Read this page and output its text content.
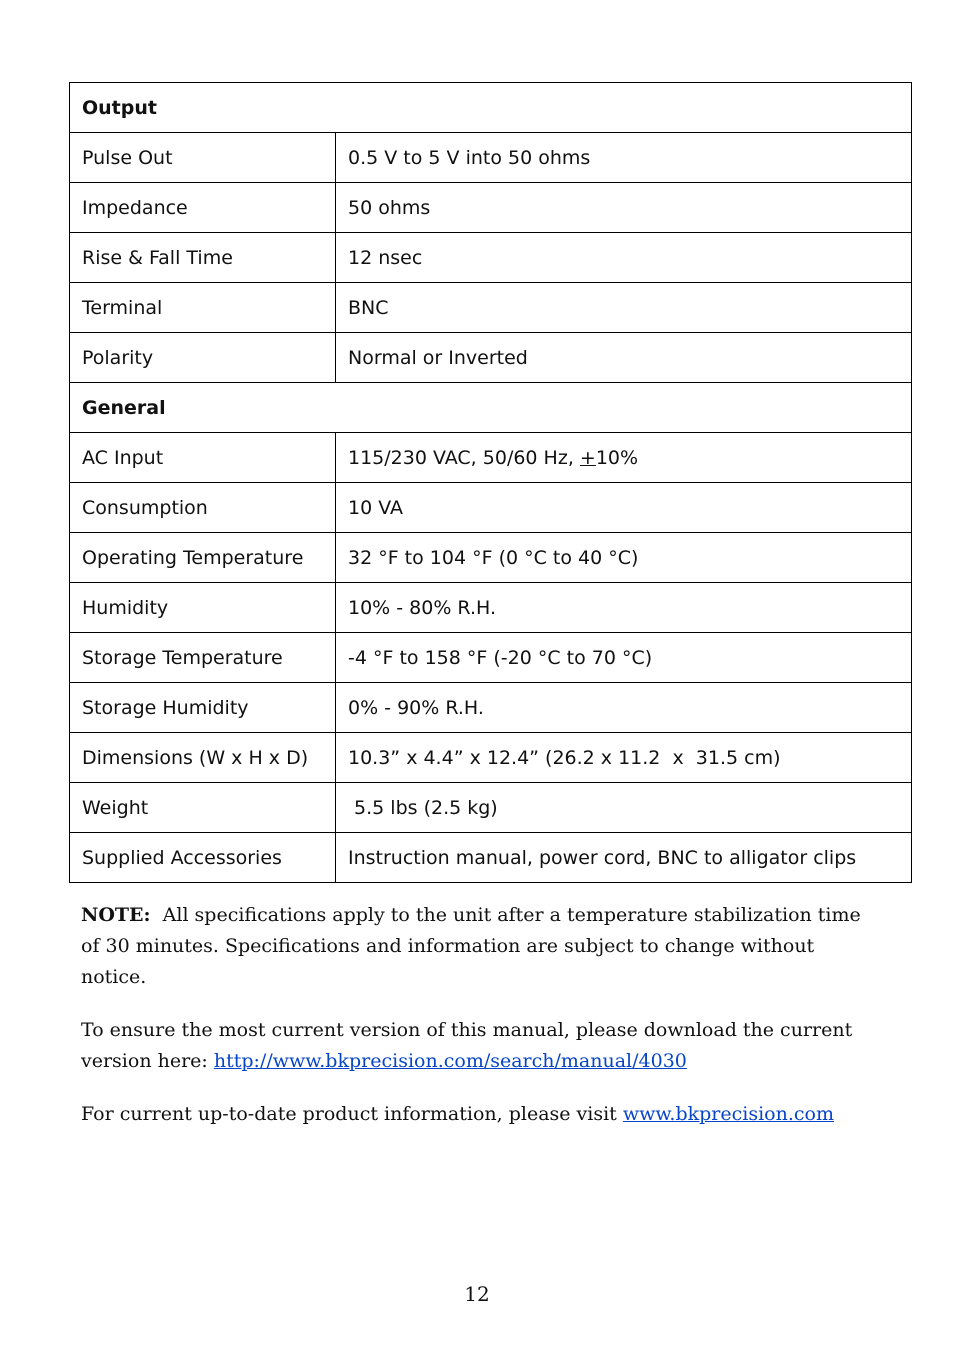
Output	
Pulse Out	0.5 V to 5 V into 50 ohms
Impedance	50 ohms
Rise & Fall Time	12 nsec
Terminal	BNC
Polarity	Normal or Inverted
General	
AC Input	115/230 VAC, 50/60 Hz, +10%
Consumption	10 VA
Operating Temperature	32 °F to 104 °F (0 °C to 40 °C)
Humidity	10% - 80% R.H.
Storage Temperature	-4 °F to 158 °F (-20 °C to 70 °C)
Storage Humidity	0% - 90% R.H.
Dimensions (W x H x D)	10.3” x 4.4” x 12.4” (26.2 x 11.2  x  31.5 cm)
Weight	5.5 lbs (2.5 kg)
Supplied Accessories	Instruction manual, power cord, BNC to alligator clips

NOTE:  All specifications apply to the unit after a temperature stabilization time of 30 minutes. Specifications and information are subject to change without notice.

To ensure the most current version of this manual, please download the current version here: http://www.bkprecision.com/search/manual/4030

For current up-to-date product information, please visit www.bkprecision.com

12
